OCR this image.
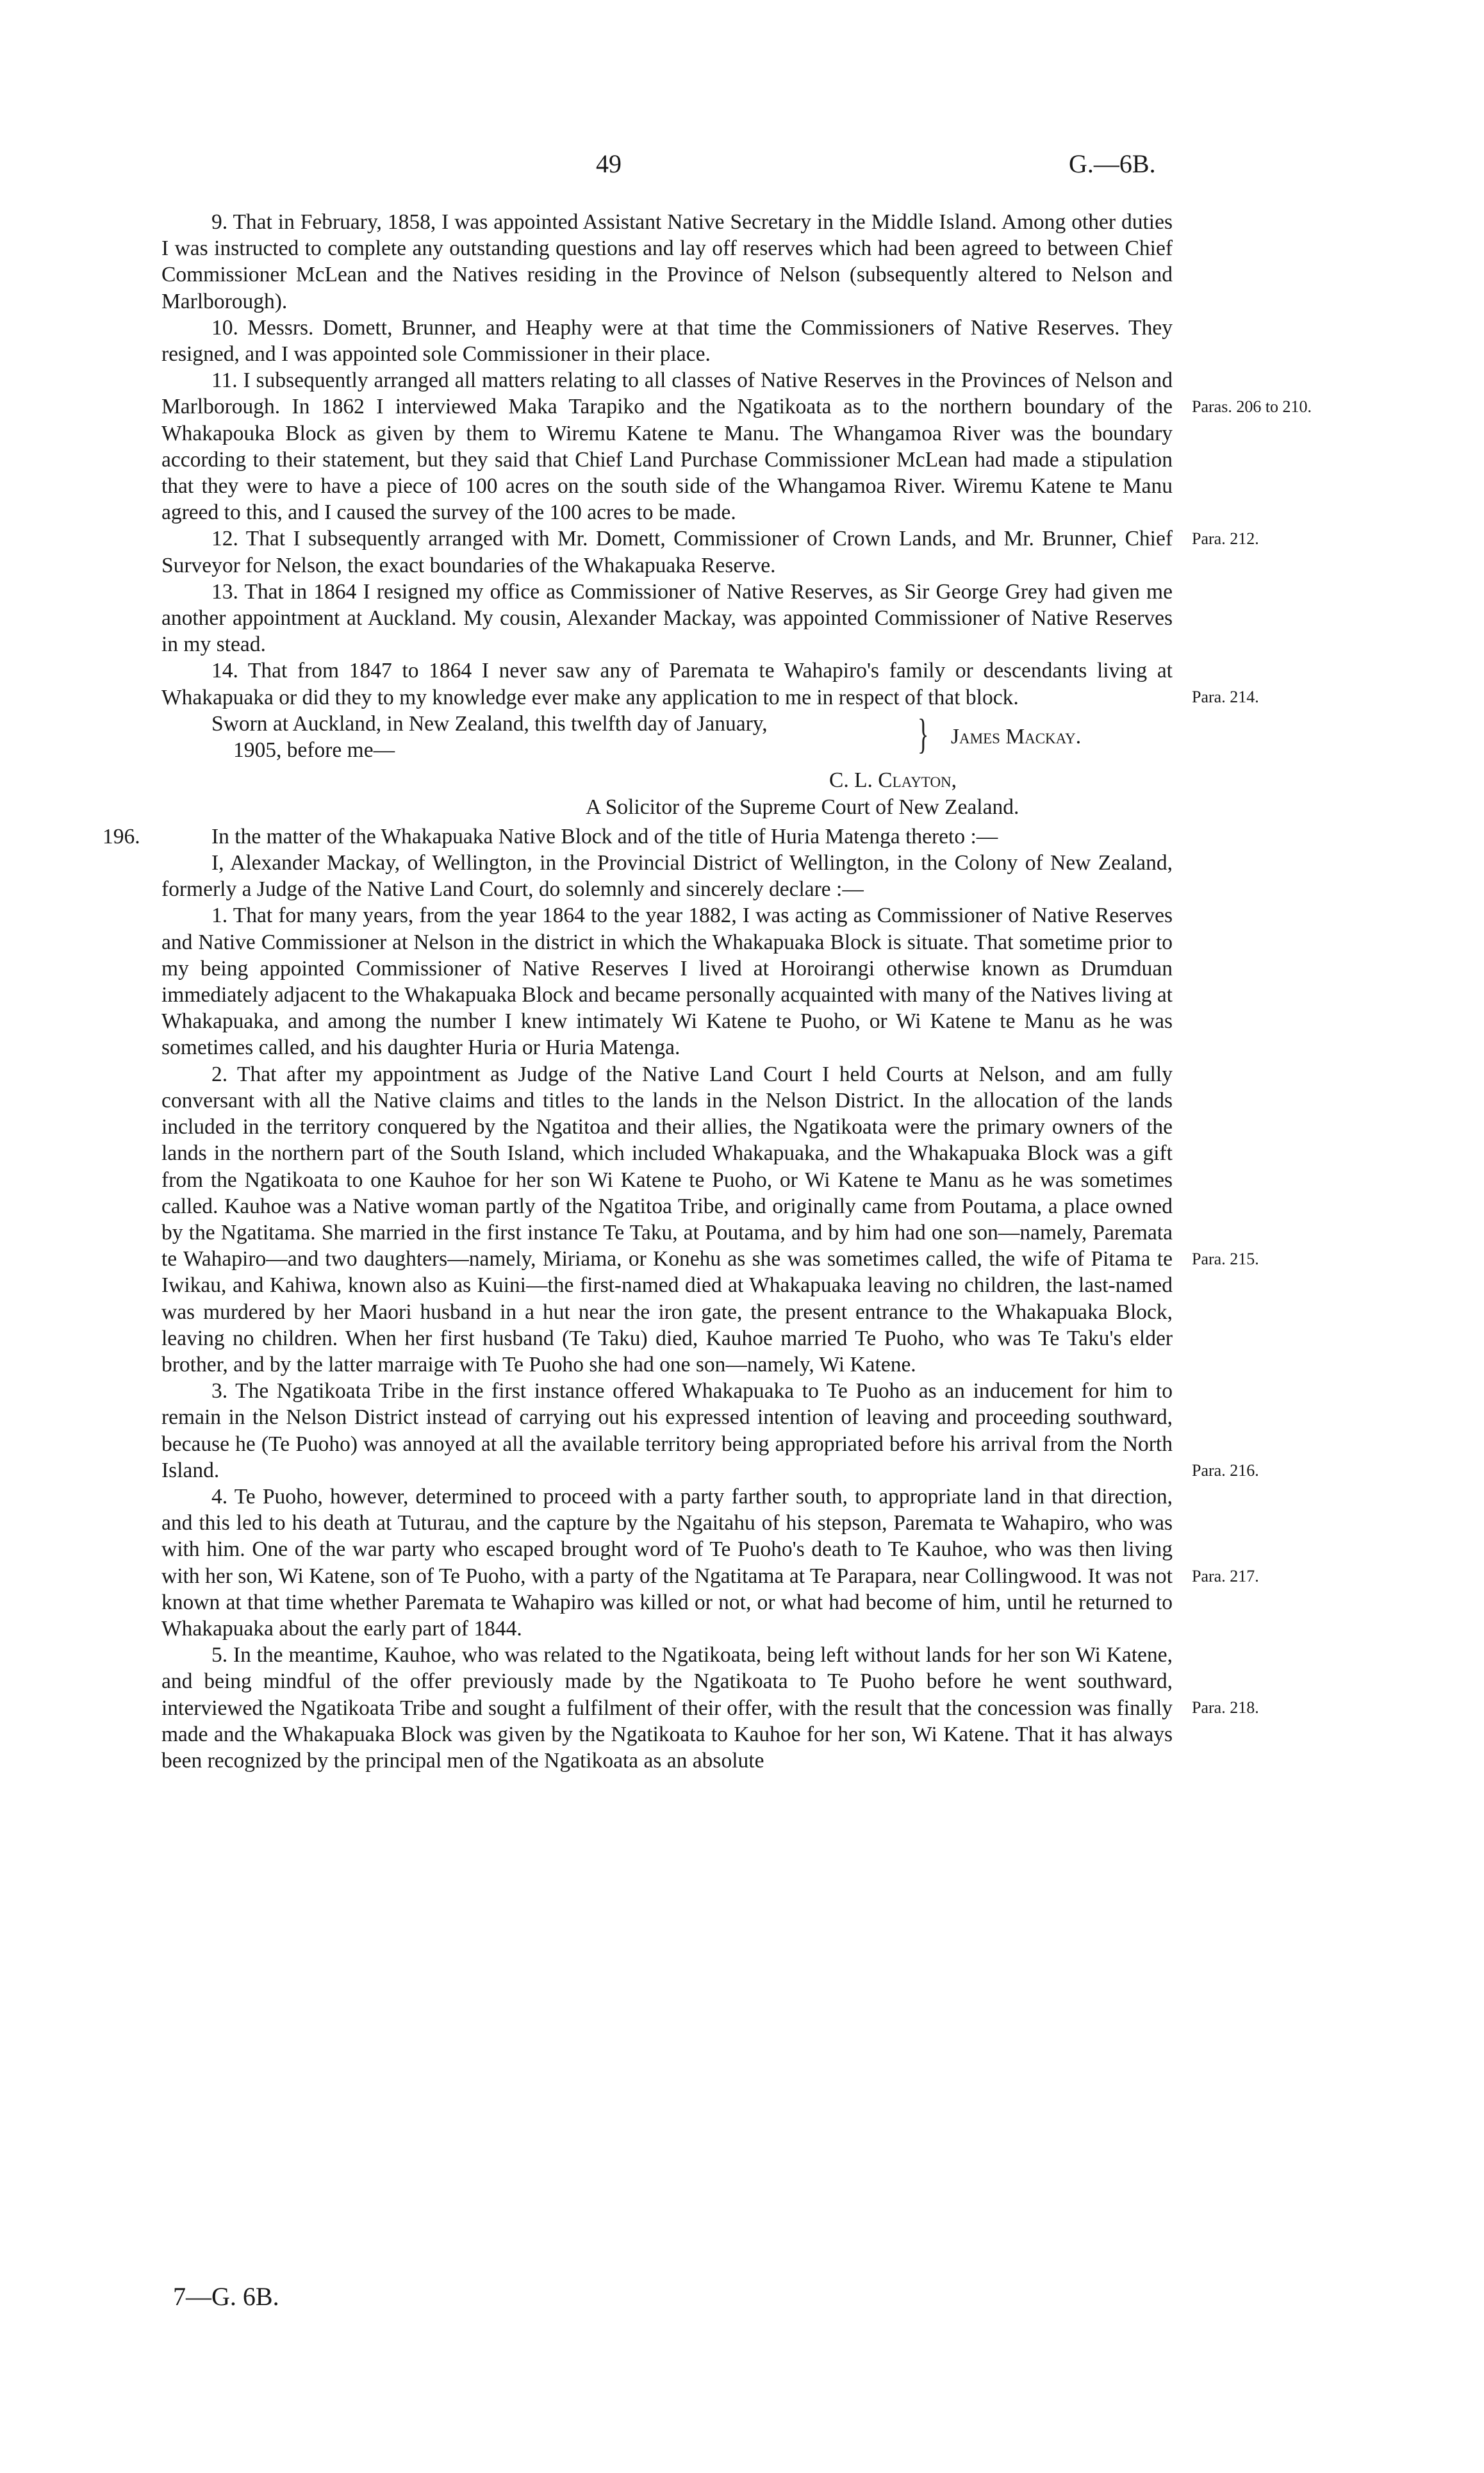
49	G.—6B.

9. That in February, 1858, I was appointed Assistant Native Secretary in the Middle Island. Among other duties I was instructed to complete any outstanding questions and lay off reserves which had been agreed to between Chief Commissioner McLean and the Natives residing in the Province of Nelson (subsequently altered to Nelson and Marlborough).

10. Messrs. Domett, Brunner, and Heaphy were at that time the Commissioners of Native Reserves. They resigned, and I was appointed sole Commissioner in their place.

Paras. 206 to 210.

11. I subsequently arranged all matters relating to all classes of Native Reserves in the Provinces of Nelson and Marlborough. In 1862 I interviewed Maka Tarapiko and the Ngatikoata as to the northern boundary of the Whakapouka Block as given by them to Wiremu Katene te Manu. The Whangamoa River was the boundary according to their statement, but they said that Chief Land Purchase Commissioner McLean had made a stipulation that they were to have a piece of 100 acres on the south side of the Whangamoa River. Wiremu Katene te Manu agreed to this, and I caused the survey of the 100 acres to be made.

Para. 212.

12. That I subsequently arranged with Mr. Domett, Commissioner of Crown Lands, and Mr. Brunner, Chief Surveyor for Nelson, the exact boundaries of the Whakapuaka Reserve.

13. That in 1864 I resigned my office as Commissioner of Native Reserves, as Sir George Grey had given me another appointment at Auckland. My cousin, Alexander Mackay, was appointed Commissioner of Native Reserves in my stead.

Para. 214.

14. That from 1847 to 1864 I never saw any of Paremata te Wahapiro's family or descendants living at Whakapuaka or did they to my knowledge ever make any application to me in respect of that block.

Sworn at Auckland, in New Zealand, this twelfth day of January,
1905, before me—	} James Mackay.
C. L. Clayton,
A Solicitor of the Supreme Court of New Zealand.
196.	In the matter of the Whakapuaka Native Block and of the title of Huria Matenga thereto :—

I, Alexander Mackay, of Wellington, in the Provincial District of Wellington, in the Colony of New Zealand, formerly a Judge of the Native Land Court, do solemnly and sincerely declare :—

1. That for many years, from the year 1864 to the year 1882, I was acting as Commissioner of Native Reserves and Native Commissioner at Nelson in the district in which the Whakapuaka Block is situate. That sometime prior to my being appointed Commissioner of Native Reserves I lived at Horoirangi otherwise known as Drumduan immediately adjacent to the Whakapuaka Block and became personally acquainted with many of the Natives living at Whakapuaka, and among the number I knew intimately Wi Katene te Puoho, or Wi Katene te Manu as he was sometimes called, and his daughter Huria or Huria Matenga.

Para. 215.

2. That after my appointment as Judge of the Native Land Court I held Courts at Nelson, and am fully conversant with all the Native claims and titles to the lands in the Nelson District. In the allocation of the lands included in the territory conquered by the Ngatitoa and their allies, the Ngatikoata were the primary owners of the lands in the northern part of the South Island, which included Whakapuaka, and the Whakapuaka Block was a gift from the Ngatikoata to one Kauhoe for her son Wi Katene te Puoho, or Wi Katene te Manu as he was sometimes called. Kauhoe was a Native woman partly of the Ngatitoa Tribe, and originally came from Poutama, a place owned by the Ngatitama. She married in the first instance Te Taku, at Poutama, and by him had one son—namely, Paremata te Wahapiro—and two daughters—namely, Miriama, or Konehu as she was sometimes called, the wife of Pitama te Iwikau, and Kahiwa, known also as Kuini—the first-named died at Whakapuaka leaving no children, the last-named was murdered by her Maori husband in a hut near the iron gate, the present entrance to the Whakapuaka Block, leaving no children. When her first husband (Te Taku) died, Kauhoe married Te Puoho, who was Te Taku's elder brother, and by the latter marraige with Te Puoho she had one son—namely, Wi Katene.

Para. 216.

3. The Ngatikoata Tribe in the first instance offered Whakapuaka to Te Puoho as an inducement for him to remain in the Nelson District instead of carrying out his expressed intention of leaving and proceeding southward, because he (Te Puoho) was annoyed at all the available territory being appropriated before his arrival from the North Island.

Para. 217.

4. Te Puoho, however, determined to proceed with a party farther south, to appropriate land in that direction, and this led to his death at Tuturau, and the capture by the Ngaitahu of his stepson, Paremata te Wahapiro, who was with him. One of the war party who escaped brought word of Te Puoho's death to Te Kauhoe, who was then living with her son, Wi Katene, son of Te Puoho, with a party of the Ngatitama at Te Parapara, near Collingwood. It was not known at that time whether Paremata te Wahapiro was killed or not, or what had become of him, until he returned to Whakapuaka about the early part of 1844.

Para. 218.

5. In the meantime, Kauhoe, who was related to the Ngatikoata, being left without lands for her son Wi Katene, and being mindful of the offer previously made by the Ngatikoata to Te Puoho before he went southward, interviewed the Ngatikoata Tribe and sought a fulfilment of their offer, with the result that the concession was finally made and the Whakapuaka Block was given by the Ngatikoata to Kauhoe for her son, Wi Katene. That it has always been recognized by the principal men of the Ngatikoata as an absolute

7—G. 6B.
